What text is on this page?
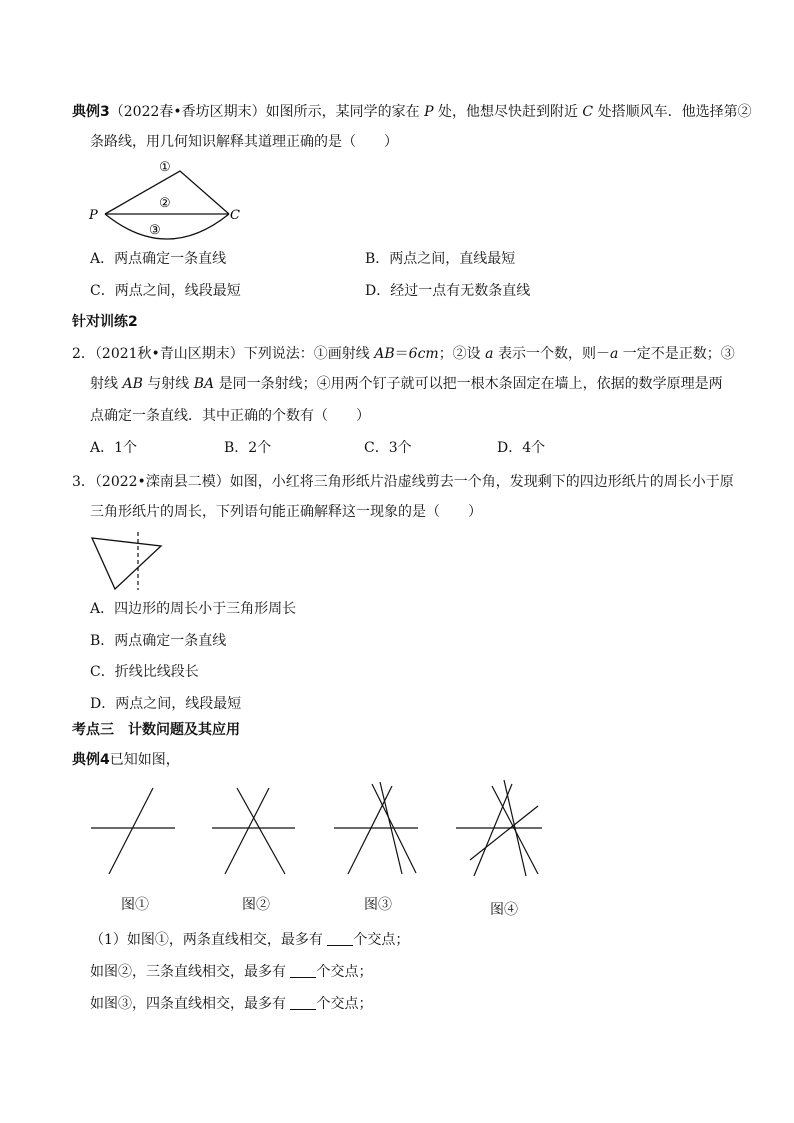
典例3（2022春•香坊区期末）如图所示，某同学的家在 P 处，他想尽快赶到附近 C 处搭顺风车．他选择第②
条路线，用几何知识解释其道理正确的是（　　）
①
②
③
P	C
A．两点确定一条直线	B．两点之间，直线最短
C．两点之间，线段最短	D．经过一点有无数条直线
针对训练2
2．（2021秋•青山区期末）下列说法：①画射线 AB＝6cm；②设 a 表示一个数，则－a 一定不是正数；③
射线 AB 与射线 BA 是同一条射线；④用两个钉子就可以把一根木条固定在墙上，依据的数学原理是两
点确定一条直线．其中正确的个数有（　　）
A．1个	B．2个	C．3个	D．4个
3．（2022•滦南县二模）如图，小红将三角形纸片沿虚线剪去一个角，发现剩下的四边形纸片的周长小于原
三角形纸片的周长，下列语句能正确解释这一现象的是（　　）
A．四边形的周长小于三角形周长
B．两点确定一条直线
C．折线比线段长
D．两点之间，线段最短
考点三　计数问题及其应用
典例4已知如图，
图①	图②	图③	图④
（1）如图①，两条直线相交，最多有 个交点；
如图②，三条直线相交，最多有 个交点；
如图③，四条直线相交，最多有 个交点；
